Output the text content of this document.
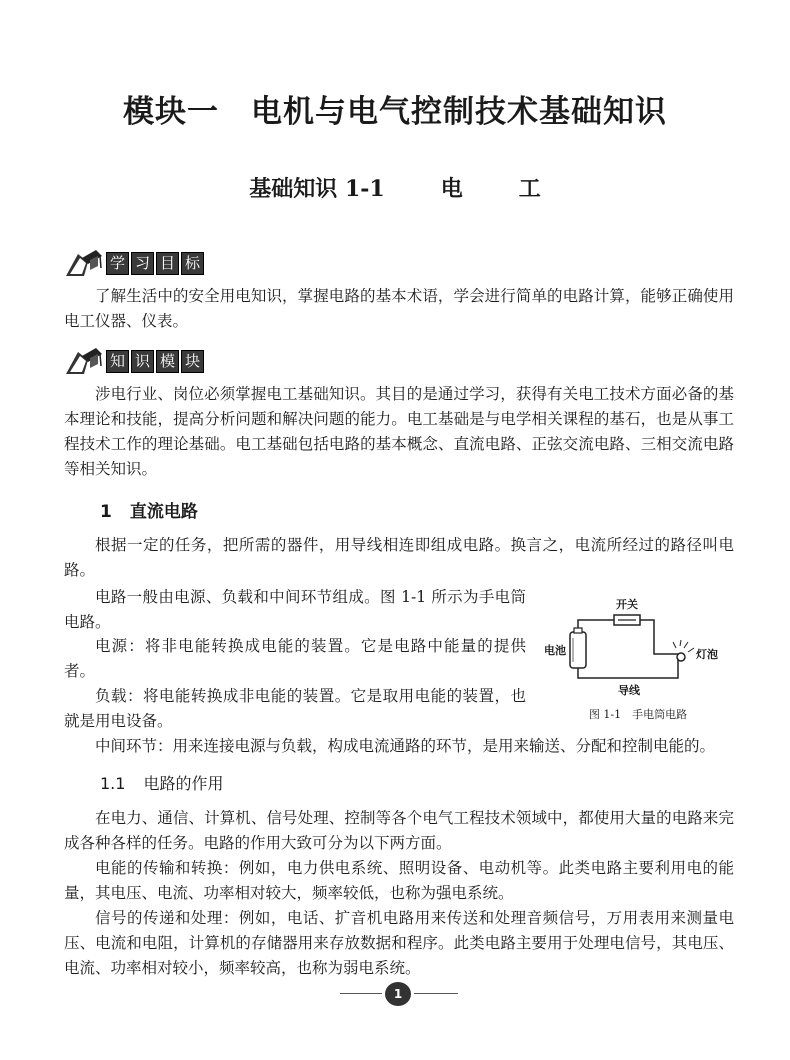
模块一　电机与电气控制技术基础知识
基础知识 1-1	电	工
学 习 目 标

了解生活中的安全用电知识，掌握电路的基本术语，学会进行简单的电路计算，能够正确使用电工仪器、仪表。

知 识 模 块

涉电行业、岗位必须掌握电工基础知识。其目的是通过学习，获得有关电工技术方面必备的基本理论和技能，提高分析问题和解决问题的能力。电工基础是与电学相关课程的基石，也是从事工程技术工作的理论基础。电工基础包括电路的基本概念、直流电路、正弦交流电路、三相交流电路等相关知识。

1 直流电路

根据一定的任务，把所需的器件，用导线相连即组成电路。换言之，电流所经过的路径叫电路。

电路一般由电源、负载和中间环节组成。图 1-1 所示为手电筒电路。

电源：将非电能转换成电能的装置。它是电路中能量的提供者。

负载：将电能转换成非电能的装置。它是取用电能的装置，也就是用电设备。

开关
电池	灯泡
导线
图 1-1　 手电筒电路

中间环节：用来连接电源与负载，构成电流通路的环节，是用来输送、分配和控制电能的。

1.1 电路的作用

在电力、通信、计算机、信号处理、控制等各个电气工程技术领域中，都使用大量的电路来完成各种各样的任务。电路的作用大致可分为以下两方面。

电能的传输和转换：例如，电力供电系统、照明设备、电动机等。此类电路主要利用电的能量，其电压、电流、功率相对较大，频率较低，也称为强电系统。

信号的传递和处理：例如，电话、扩音机电路用来传送和处理音频信号，万用表用来测量电压、电流和电阻，计算机的存储器用来存放数据和程序。此类电路主要用于处理电信号，其电压、电流、功率相对较小，频率较高，也称为弱电系统。

1
